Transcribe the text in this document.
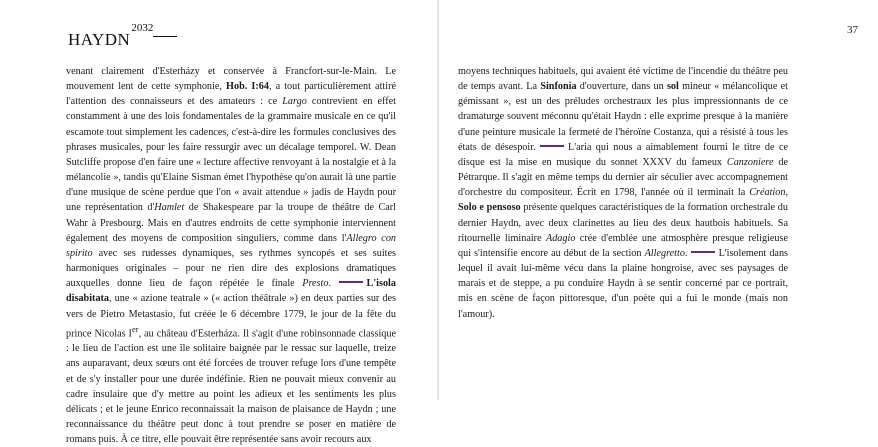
HAYDN
2032

venant clairement d'Esterházy et conservée à Francfort-sur-le-Main. Le mouvement lent de cette symphonie, Hob. I:64, a tout particulièrement attiré l'attention des connaisseurs et des amateurs : ce Largo contrevient en effet constamment à une des lois fondamentales de la grammaire musicale en ce qu'il escamote tout simplement les cadences, c'est-à-dire les formules conclusives des phrases musicales, pour les faire ressurgir avec un décalage temporel. W. Dean Sutcliffe propose d'en faire une « lecture affective renvoyant à la nostalgie et à la mélancolie », tandis qu'Elaine Sisman émet l'hypothèse qu'on aurait là une partie d'une musique de scène perdue que l'on « avait attendue » jadis de Haydn pour une représentation d'Hamlet de Shakespeare par la troupe de théâtre de Carl Wahr à Presbourg. Mais en d'autres endroits de cette symphonie interviennent également des moyens de composition singuliers, comme dans l'Allegro con spirito avec ses rudesses dynamiques, ses rythmes syncopés et ses suites harmoniques originales – pour ne rien dire des explosions dramatiques auxquelles donne lieu de façon répétée le finale Presto.	L'isola disabitata, une « azione teatrale » (« action théâtrale ») en deux parties sur des vers de Pietro Metastasio, fut créée le 6 décembre 1779, le jour de la fête du prince Nicolas Ier, au château d'Esterháza. Il s'agit d'une robinsonnade classique : le lieu de l'action est une île solitaire baignée par le ressac sur laquelle, treize ans auparavant, deux sœurs ont été forcées de trouver refuge lors d'une tempête et de s'y installer pour une durée indéfinie. Rien ne pouvait mieux convenir au cadre insulaire que d'y mettre au point les adieux et les sentiments les plus délicats ; et le jeune Enrico reconnaissait la maison de plaisance de Haydn ; une reconnaissance du théâtre peut donc à tout prendre se poser en matière de romans puis. À ce titre, elle pouvait être représentée sans avoir recours aux

37

moyens techniques habituels, qui avaient été victime de l'incendie du théâtre peu de temps avant. La Sinfonia d'ouverture, dans un sol mineur « mélancolique et gémissant », est un des préludes orchestraux les plus impressionnants de ce dramaturge souvent méconnu qu'était Haydn : elle exprime presque à la manière d'une peinture musicale la fermeté de l'héroïne Costanza, qui a résisté à tous les états de désespoir.	L'aria qui nous a aimablement fourni le titre de ce disque est la mise en musique du sonnet XXXV du fameux Canzoniere de Pétrarque. Il s'agit en même temps du dernier air séculier avec accompagnement d'orchestre du compositeur. Écrit en 1798, l'année où il terminait la Création, Solo e pensoso présente quelques caractéristiques de la formation orchestrale du dernier Haydn, avec deux clarinettes au lieu des deux hautbois habituels. Sa ritournelle liminaire Adagio crée d'emblée une atmosphère presque religieuse qui s'intensifie encore au début de la section Allegretto.	L'isolement dans lequel il avait lui-même vécu dans la plaine hongroise, avec ses paysages de marais et de steppe, a pu conduire Haydn à se sentir concerné par ce portrait, mis en scène de façon pittoresque, d'un poète qui a fui le monde (mais non l'amour).
